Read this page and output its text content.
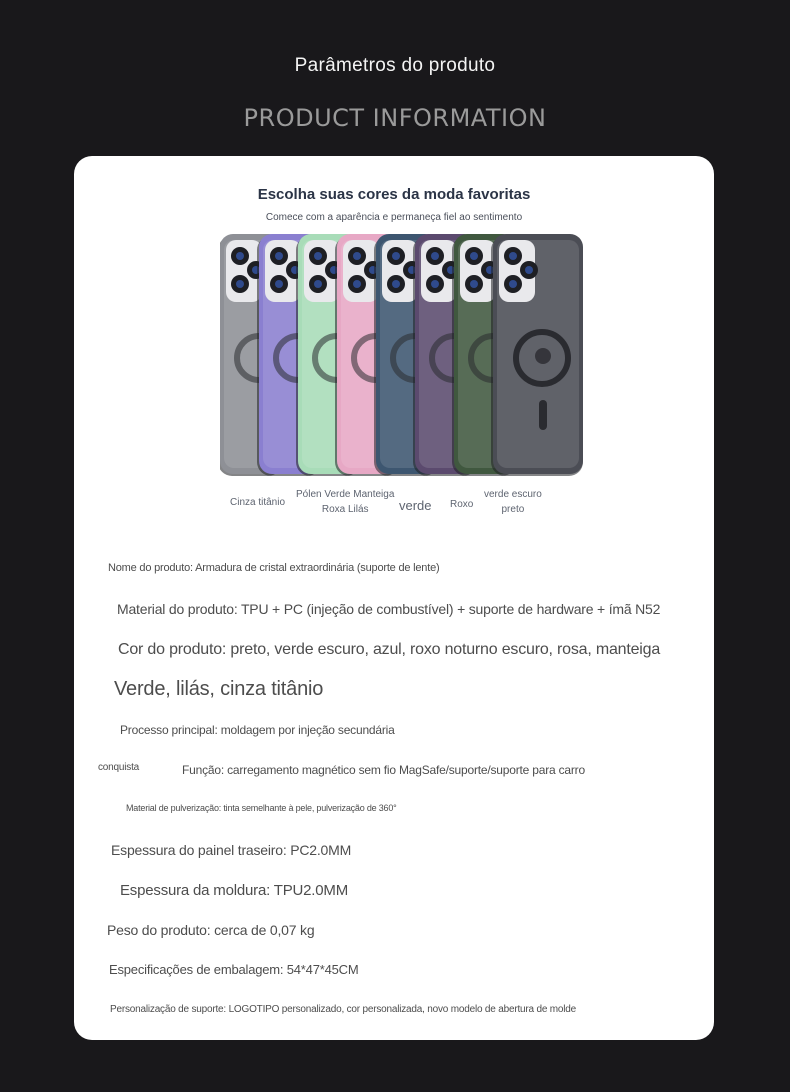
Parâmetros do produto
PRODUCT INFORMATION
Escolha suas cores da moda favoritas
Comece com a aparência e permaneça fiel ao sentimento
Cinza titânio
Pólen Verde Manteiga
Roxa Lilás	verde Roxo
verde escuro
preto
Nome do produto: Armadura de cristal extraordinária (suporte de lente)
Material do produto: TPU + PC (injeção de combustível) + suporte de hardware + ímã N52
Cor do produto: preto, verde escuro, azul, roxo noturno escuro, rosa, manteiga
Verde, lilás, cinza titânio
Processo principal: moldagem por injeção secundária
conquista	Função: carregamento magnético sem fio MagSafe/suporte/suporte para carro
Material de pulverização: tinta semelhante à pele, pulverização de 360°
Espessura do painel traseiro: PC2.0MM
Espessura da moldura: TPU2.0MM
Peso do produto: cerca de 0,07 kg
Especificações de embalagem: 54*47*45CM
Personalização de suporte: LOGOTIPO personalizado, cor personalizada, novo modelo de abertura de molde
